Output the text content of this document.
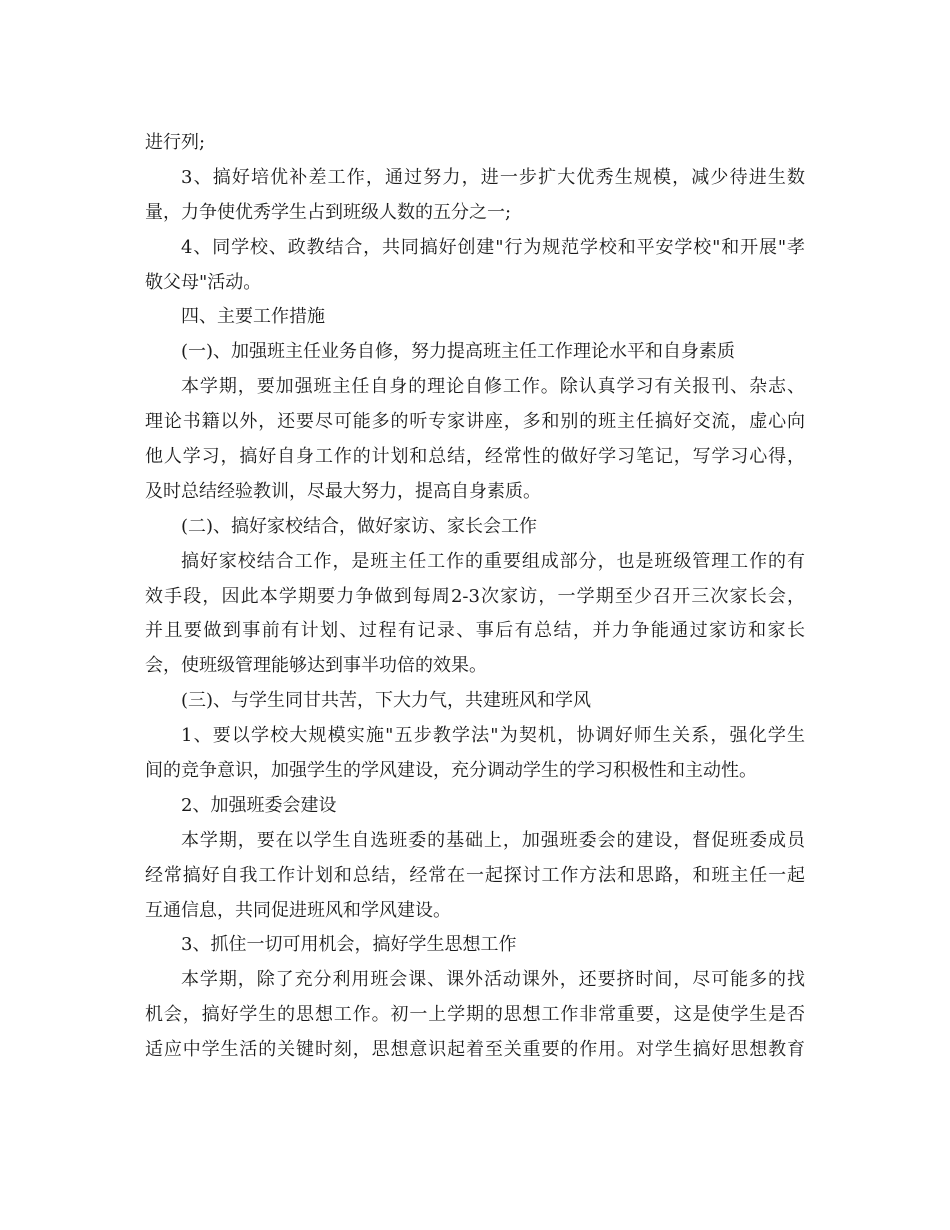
进行列;
3、搞好培优补差工作，通过努力，进一步扩大优秀生规模，减少待进生数
量，力争使优秀学生占到班级人数的五分之一;
4、同学校、政教结合，共同搞好创建"行为规范学校和平安学校"和开展"孝
敬父母"活动。
四、主要工作措施
(一)、加强班主任业务自修，努力提高班主任工作理论水平和自身素质
本学期，要加强班主任自身的理论自修工作。除认真学习有关报刊、杂志、
理论书籍以外，还要尽可能多的听专家讲座，多和别的班主任搞好交流，虚心向
他人学习，搞好自身工作的计划和总结，经常性的做好学习笔记，写学习心得，
及时总结经验教训，尽最大努力，提高自身素质。
(二)、搞好家校结合，做好家访、家长会工作
搞好家校结合工作，是班主任工作的重要组成部分，也是班级管理工作的有
效手段，因此本学期要力争做到每周2-3次家访，一学期至少召开三次家长会，
并且要做到事前有计划、过程有记录、事后有总结，并力争能通过家访和家长
会，使班级管理能够达到事半功倍的效果。
(三)、与学生同甘共苦，下大力气，共建班风和学风
1、要以学校大规模实施"五步教学法"为契机，协调好师生关系，强化学生
间的竞争意识，加强学生的学风建设，充分调动学生的学习积极性和主动性。
2、加强班委会建设
本学期，要在以学生自选班委的基础上，加强班委会的建设，督促班委成员
经常搞好自我工作计划和总结，经常在一起探讨工作方法和思路，和班主任一起
互通信息，共同促进班风和学风建设。
3、抓住一切可用机会，搞好学生思想工作
本学期，除了充分利用班会课、课外活动课外，还要挤时间，尽可能多的找
机会，搞好学生的思想工作。初一上学期的思想工作非常重要，这是使学生是否
适应中学生活的关键时刻，思想意识起着至关重要的作用。对学生搞好思想教育
